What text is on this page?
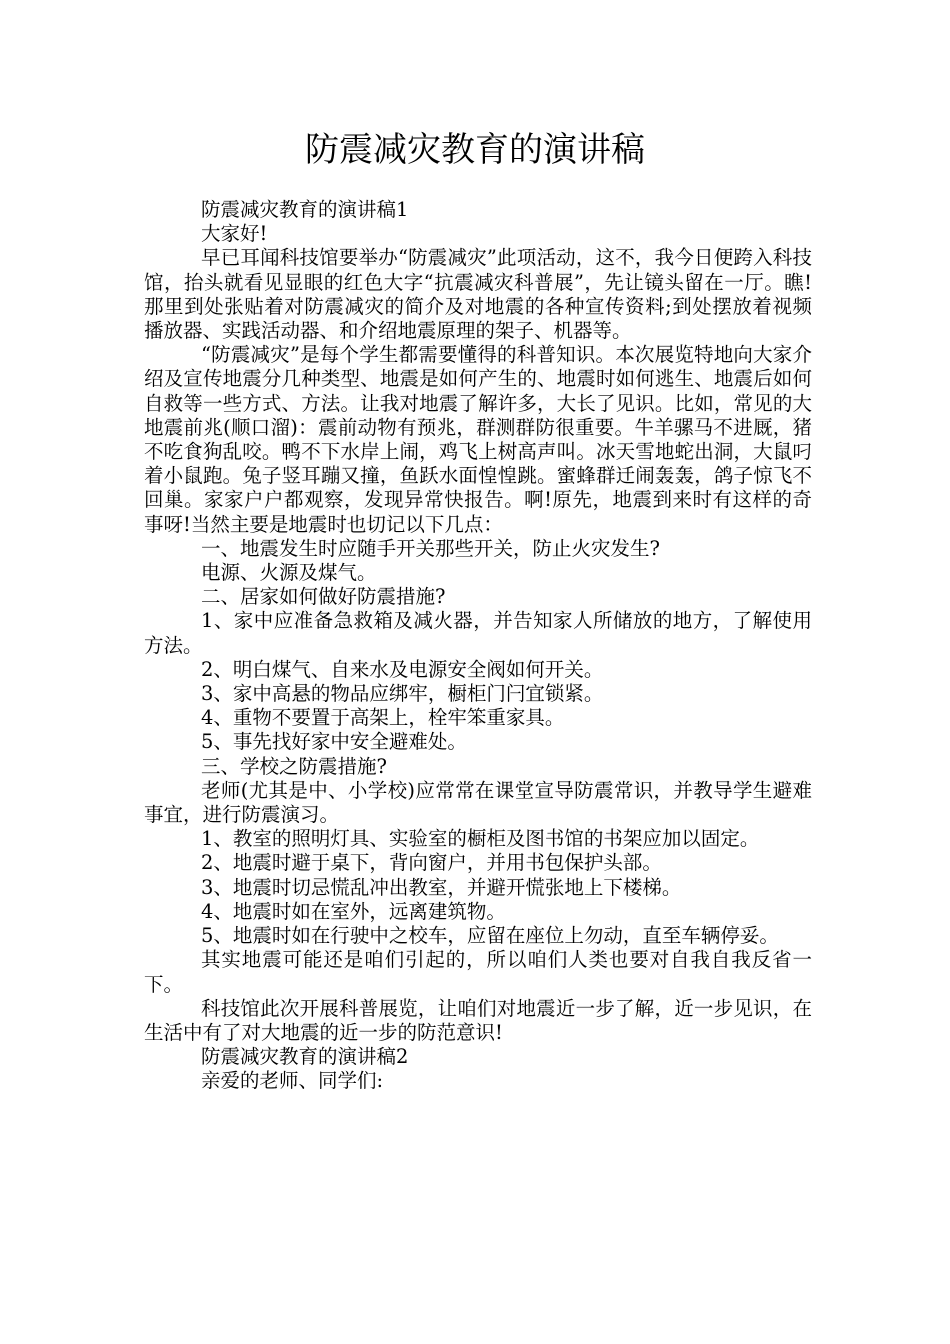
防震减灾教育的演讲稿

防震减灾教育的演讲稿1

大家好!

早已耳闻科技馆要举办“防震减灾”此项活动，这不，我今日便跨入科技馆，抬头就看见显眼的红色大字“抗震减灾科普展”，先让镜头留在一厅。瞧!那里到处张贴着对防震减灾的简介及对地震的各种宣传资料;到处摆放着视频播放器、实践活动器、和介绍地震原理的架子、机器等。

“防震减灾”是每个学生都需要懂得的科普知识。本次展览特地向大家介绍及宣传地震分几种类型、地震是如何产生的、地震时如何逃生、地震后如何自救等一些方式、方法。让我对地震了解许多，大长了见识。比如，常见的大地震前兆(顺口溜)：震前动物有预兆，群测群防很重要。牛羊骡马不进厩，猪不吃食狗乱咬。鸭不下水岸上闹，鸡飞上树高声叫。冰天雪地蛇出洞，大鼠叼着小鼠跑。兔子竖耳蹦又撞，鱼跃水面惶惶跳。蜜蜂群迁闹轰轰，鸽子惊飞不回巢。家家户户都观察，发现异常快报告。啊!原先，地震到来时有这样的奇事呀!当然主要是地震时也切记以下几点：

一、地震发生时应随手开关那些开关，防止火灾发生?

电源、火源及煤气。

二、居家如何做好防震措施?

1、家中应准备急救箱及减火器，并告知家人所储放的地方，了解使用方法。

2、明白煤气、自来水及电源安全阀如何开关。

3、家中高悬的物品应绑牢，橱柜门闩宜锁紧。

4、重物不要置于高架上，栓牢笨重家具。

5、事先找好家中安全避难处。

三、学校之防震措施?

老师(尤其是中、小学校)应常常在课堂宣导防震常识，并教导学生避难事宜，进行防震演习。

1、教室的照明灯具、实验室的橱柜及图书馆的书架应加以固定。

2、地震时避于桌下，背向窗户，并用书包保护头部。

3、地震时切忌慌乱冲出教室，并避开慌张地上下楼梯。

4、地震时如在室外，远离建筑物。

5、地震时如在行驶中之校车，应留在座位上勿动，直至车辆停妥。

其实地震可能还是咱们引起的，所以咱们人类也要对自我自我反省一下。

科技馆此次开展科普展览，让咱们对地震近一步了解，近一步见识，在生活中有了对大地震的近一步的防范意识!

防震减灾教育的演讲稿2

亲爱的老师、同学们:
